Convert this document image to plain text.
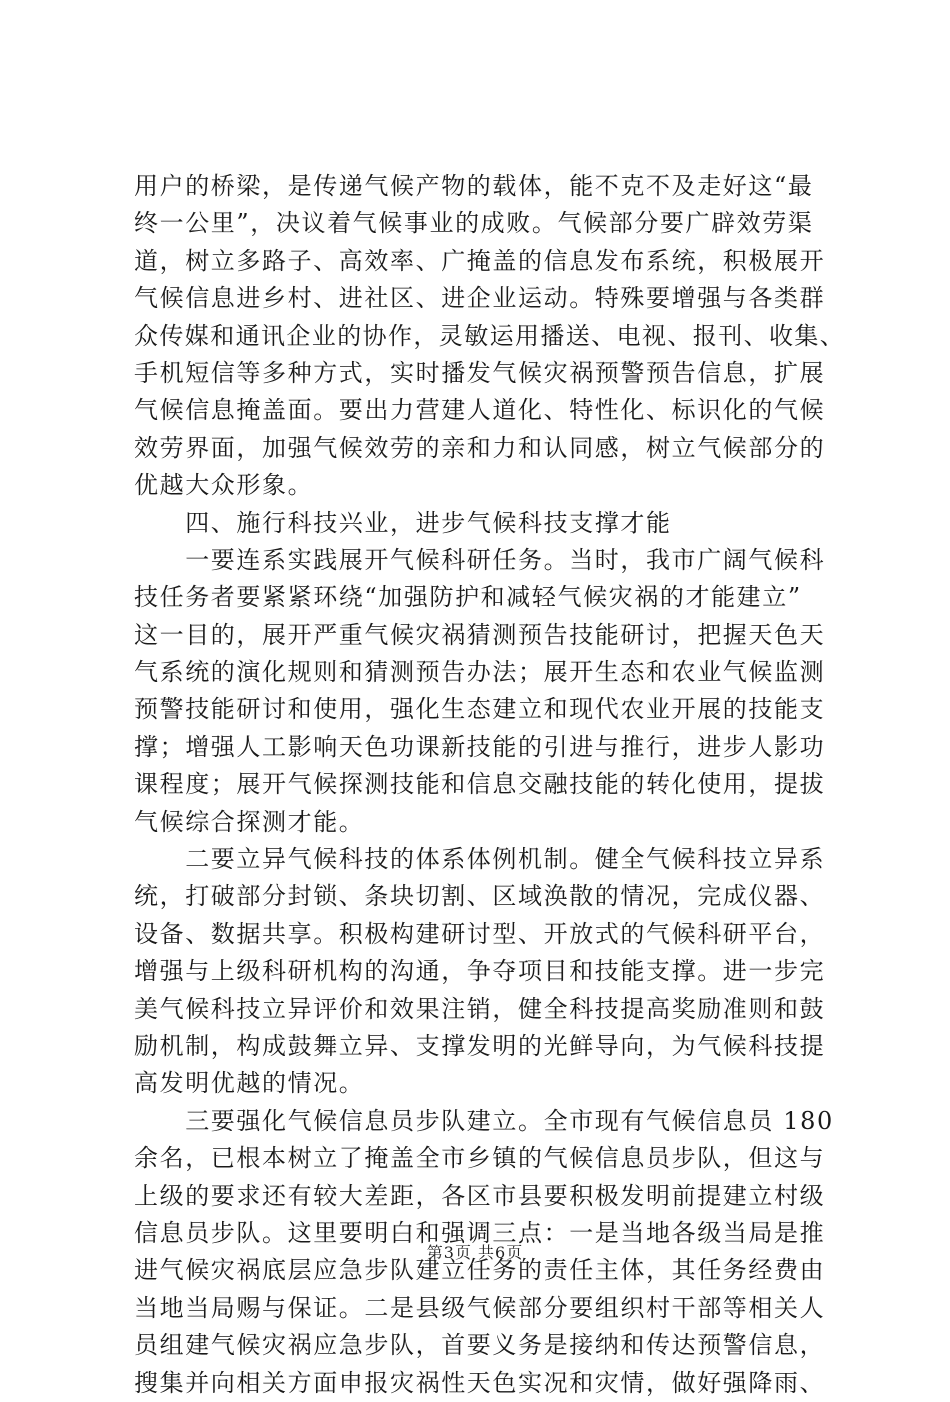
用户的桥梁，是传递气候产物的载体，能不克不及走好这“最
终一公里”，决议着气候事业的成败。气候部分要广辟效劳渠
道，树立多路子、高效率、广掩盖的信息发布系统，积极展开
气候信息进乡村、进社区、进企业运动。特殊要增强与各类群
众传媒和通讯企业的协作，灵敏运用播送、电视、报刊、收集、
手机短信等多种方式，实时播发气候灾祸预警预告信息，扩展
气候信息掩盖面。要出力营建人道化、特性化、标识化的气候
效劳界面，加强气候效劳的亲和力和认同感，树立气候部分的
优越大众形象。
　　四、施行科技兴业，进步气候科技支撑才能
　　一要连系实践展开气候科研任务。当时，我市广阔气候科
技任务者要紧紧环绕“加强防护和减轻气候灾祸的才能建立”
这一目的，展开严重气候灾祸猜测预告技能研讨，把握天色天
气系统的演化规则和猜测预告办法；展开生态和农业气候监测
预警技能研讨和使用，强化生态建立和现代农业开展的技能支
撑；增强人工影响天色功课新技能的引进与推行，进步人影功
课程度；展开气候探测技能和信息交融技能的转化使用，提拔
气候综合探测才能。
　　二要立异气候科技的体系体例机制。健全气候科技立异系
统，打破部分封锁、条块切割、区域涣散的情况，完成仪器、
设备、数据共享。积极构建研讨型、开放式的气候科研平台，
增强与上级科研机构的沟通，争夺项目和技能支撑。进一步完
美气候科技立异评价和效果注销，健全科技提高奖励准则和鼓
励机制，构成鼓舞立异、支撑发明的光鲜导向，为气候科技提
高发明优越的情况。
　　三要强化气候信息员步队建立。全市现有气候信息员 180
余名，已根本树立了掩盖全市乡镇的气候信息员步队，但这与
上级的要求还有较大差距，各区市县要积极发明前提建立村级
信息员步队。这里要明白和强调三点：一是当地各级当局是推
进气候灾祸底层应急步队建立任务的责任主体，其任务经费由
当地当局赐与保证。二是县级气候部分要组织村干部等相关人
员组建气候灾祸应急步队，首要义务是接纳和传达预警信息，
搜集并向相关方面申报灾祸性天色实况和灾情，做好强降雨、
第3页 共6页
